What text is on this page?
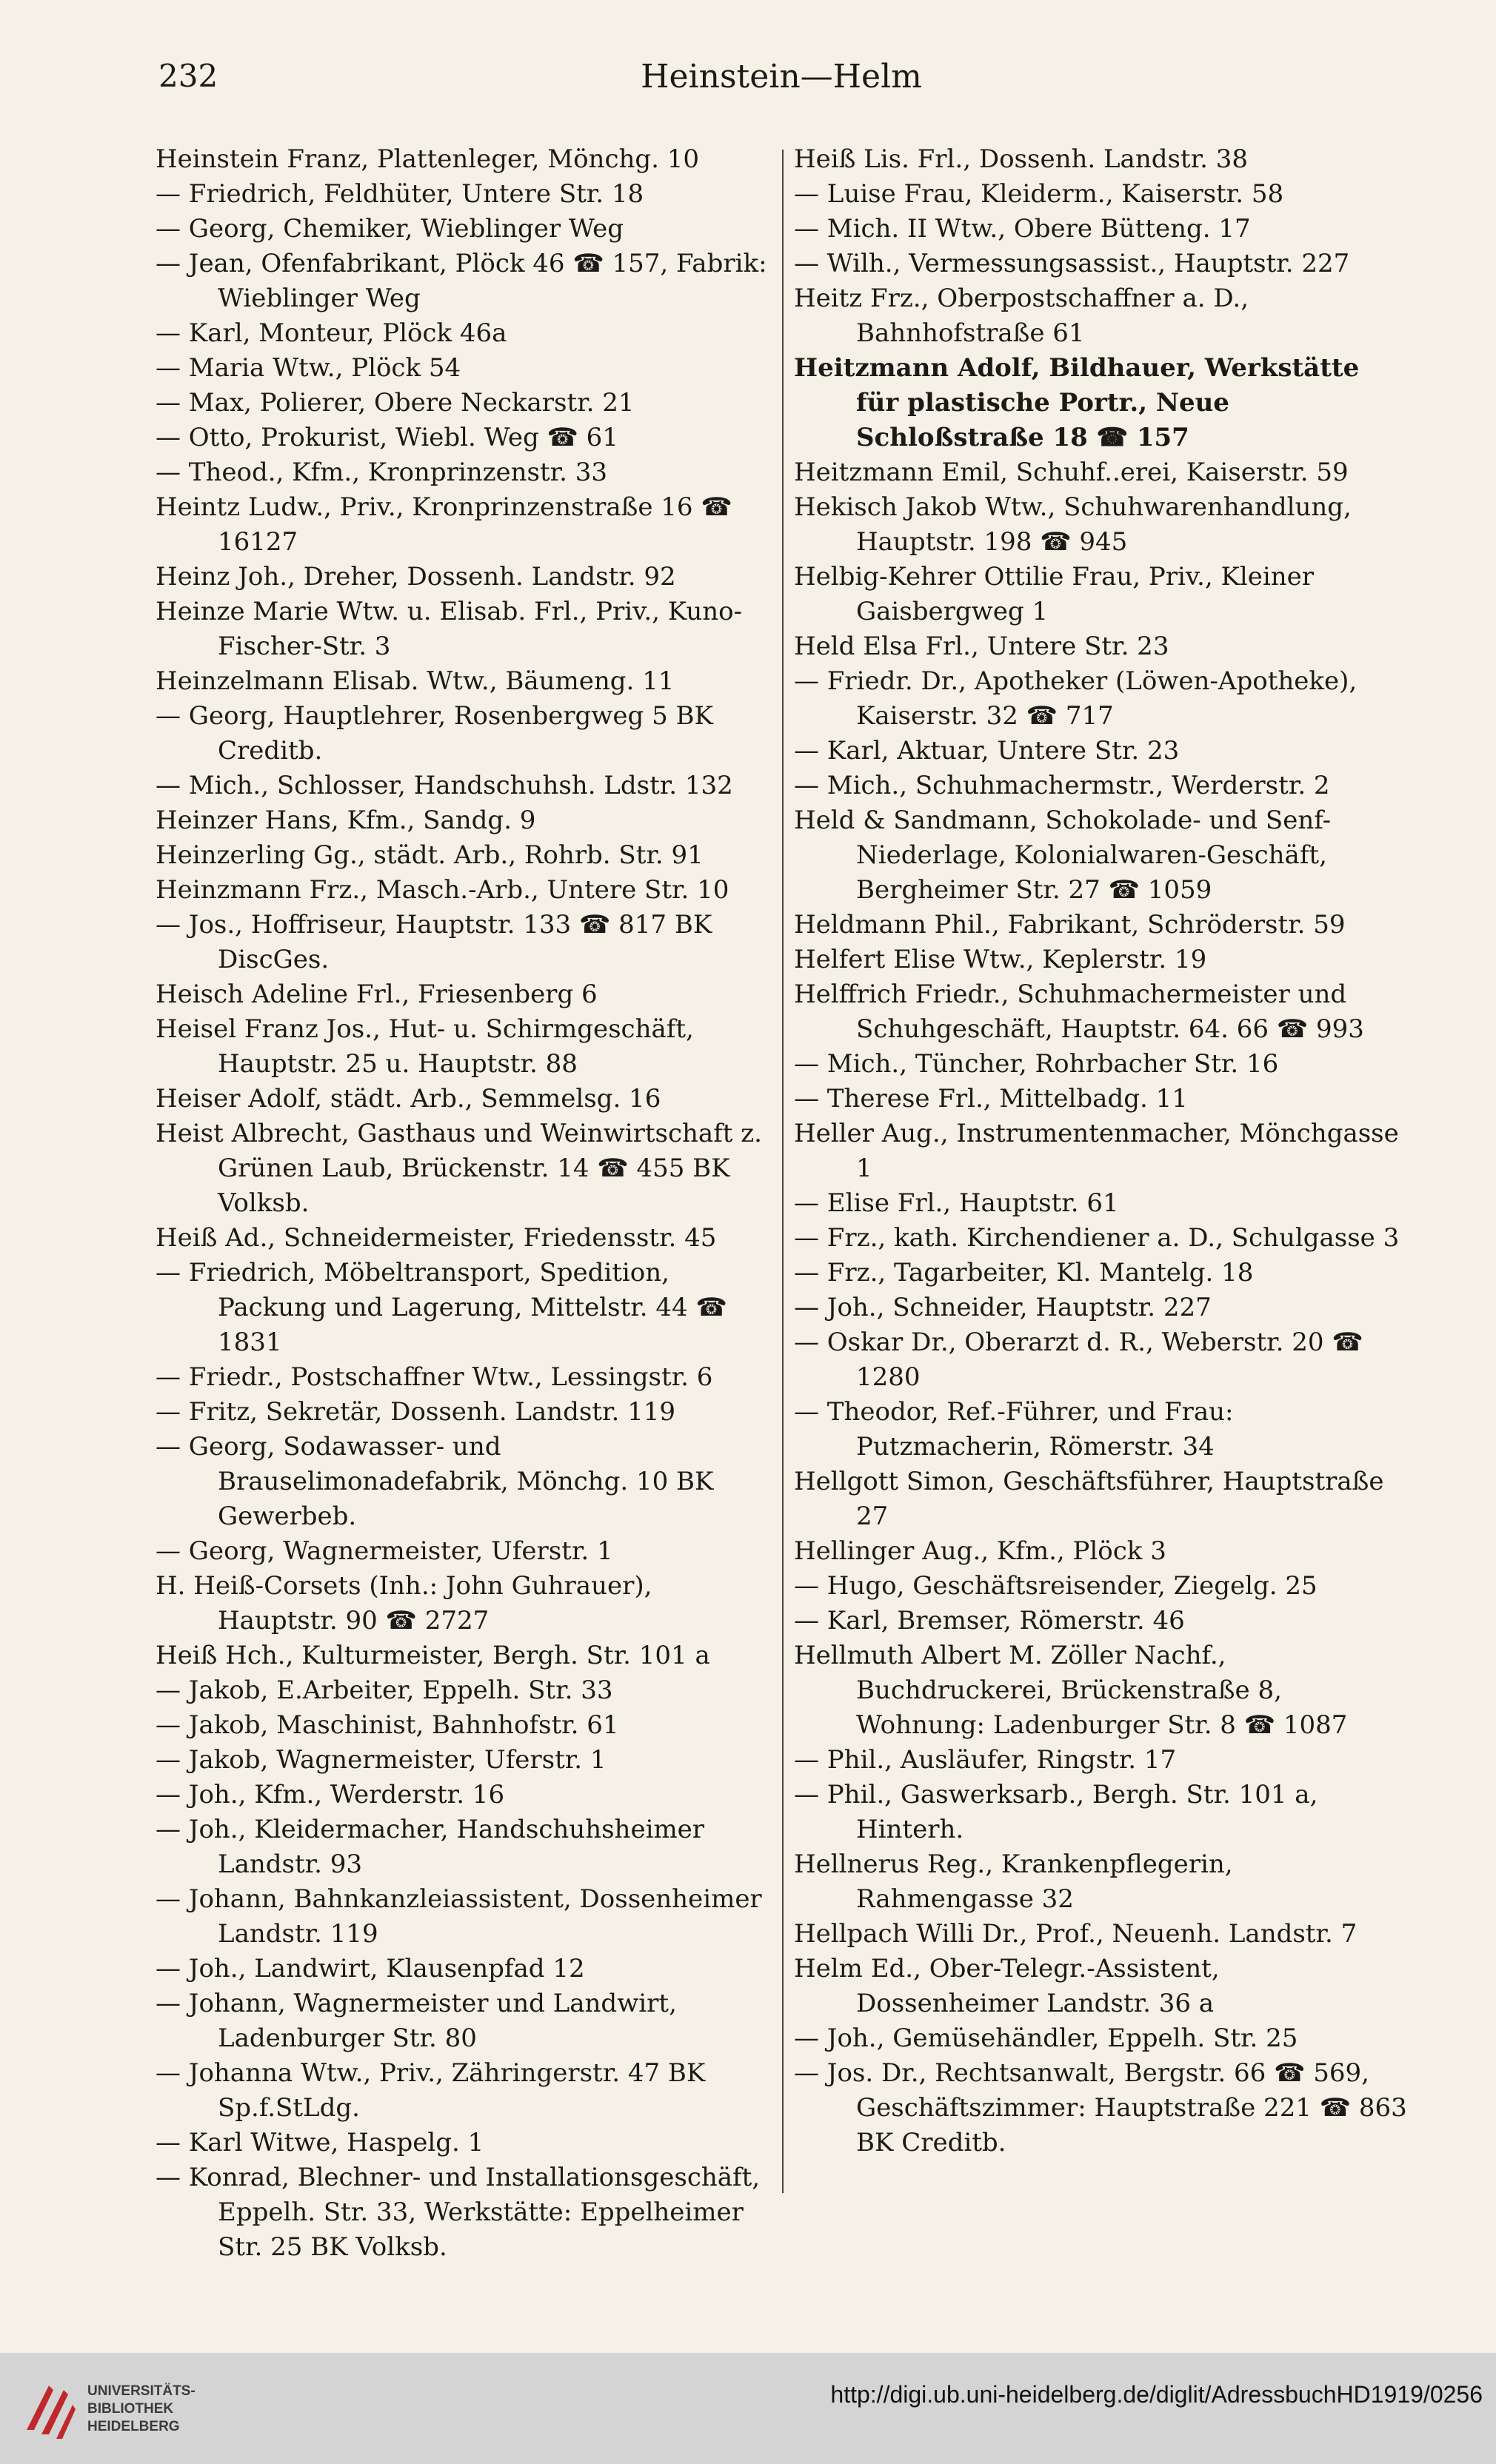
232	Heinstein—Helm

Heinstein Franz, Plattenleger, Mönchg. 10

— Friedrich, Feldhüter, Untere Str. 18

— Georg, Chemiker, Wieblinger Weg

— Jean, Ofenfabrikant, Plöck 46 ☎ 157, Fabrik: Wieblinger Weg

— Karl, Monteur, Plöck 46a

— Maria Wtw., Plöck 54

— Max, Polierer, Obere Neckarstr. 21

— Otto, Prokurist, Wiebl. Weg ☎ 61

— Theod., Kfm., Kronprinzenstr. 33

Heintz Ludw., Priv., Kronprinzenstraße 16 ☎ 16127

Heinz Joh., Dreher, Dossenh. Landstr. 92

Heinze Marie Wtw. u. Elisab. Frl., Priv., Kuno-Fischer-Str. 3

Heinzelmann Elisab. Wtw., Bäumeng. 11

— Georg, Hauptlehrer, Rosenbergweg 5 BK Creditb.

— Mich., Schlosser, Handschuhsh. Ldstr. 132

Heinzer Hans, Kfm., Sandg. 9

Heinzerling Gg., städt. Arb., Rohrb. Str. 91

Heinzmann Frz., Masch.-Arb., Untere Str. 10

— Jos., Hoffriseur, Hauptstr. 133 ☎ 817 BK DiscGes.

Heisch Adeline Frl., Friesenberg 6

Heisel Franz Jos., Hut- u. Schirmgeschäft, Hauptstr. 25 u. Hauptstr. 88

Heiser Adolf, städt. Arb., Semmelsg. 16

Heist Albrecht, Gasthaus und Weinwirtschaft z. Grünen Laub, Brückenstr. 14 ☎ 455 BK Volksb.

Heiß Ad., Schneidermeister, Friedensstr. 45

— Friedrich, Möbeltransport, Spedition, Packung und Lagerung, Mittelstr. 44 ☎ 1831

— Friedr., Postschaffner Wtw., Lessingstr. 6

— Fritz, Sekretär, Dossenh. Landstr. 119

— Georg, Sodawasser- und Brauselimonadefabrik, Mönchg. 10 BK Gewerbeb.

— Georg, Wagnermeister, Uferstr. 1

H. Heiß-Corsets (Inh.: John Guhrauer), Hauptstr. 90 ☎ 2727

Heiß Hch., Kulturmeister, Bergh. Str. 101 a

— Jakob, E.Arbeiter, Eppelh. Str. 33

— Jakob, Maschinist, Bahnhofstr. 61

— Jakob, Wagnermeister, Uferstr. 1

— Joh., Kfm., Werderstr. 16

— Joh., Kleidermacher, Handschuhsheimer Landstr. 93

— Johann, Bahnkanzleiassistent, Dossenheimer Landstr. 119

— Joh., Landwirt, Klausenpfad 12

— Johann, Wagnermeister und Landwirt, Ladenburger Str. 80

— Johanna Wtw., Priv., Zähringerstr. 47 BK Sp.f.StLdg.

— Karl Witwe, Haspelg. 1

— Konrad, Blechner- und Installationsgeschäft, Eppelh. Str. 33, Werkstätte: Eppelheimer Str. 25 BK Volksb.

Heiß Lis. Frl., Dossenh. Landstr. 38

— Luise Frau, Kleiderm., Kaiserstr. 58

— Mich. II Wtw., Obere Bütteng. 17

— Wilh., Vermessungsassist., Hauptstr. 227

Heitz Frz., Oberpostschaffner a. D., Bahnhofstraße 61

Heitzmann Adolf, Bildhauer, Werkstätte für plastische Portr., Neue Schloßstraße 18 ☎ 157

Heitzmann Emil, Schuhf..erei, Kaiserstr. 59

Hekisch Jakob Wtw., Schuhwarenhandlung, Hauptstr. 198 ☎ 945

Helbig-Kehrer Ottilie Frau, Priv., Kleiner Gaisbergweg 1

Held Elsa Frl., Untere Str. 23

— Friedr. Dr., Apotheker (Löwen-Apotheke), Kaiserstr. 32 ☎ 717

— Karl, Aktuar, Untere Str. 23

— Mich., Schuhmachermstr., Werderstr. 2

Held & Sandmann, Schokolade- und Senf-Niederlage, Kolonialwaren-Geschäft, Bergheimer Str. 27 ☎ 1059

Heldmann Phil., Fabrikant, Schröderstr. 59

Helfert Elise Wtw., Keplerstr. 19

Helffrich Friedr., Schuhmachermeister und Schuhgeschäft, Hauptstr. 64. 66 ☎ 993

— Mich., Tüncher, Rohrbacher Str. 16

— Therese Frl., Mittelbadg. 11

Heller Aug., Instrumentenmacher, Mönchgasse 1

— Elise Frl., Hauptstr. 61

— Frz., kath. Kirchendiener a. D., Schulgasse 3

— Frz., Tagarbeiter, Kl. Mantelg. 18

— Joh., Schneider, Hauptstr. 227

— Oskar Dr., Oberarzt d. R., Weberstr. 20 ☎ 1280

— Theodor, Ref.-Führer, und Frau: Putzmacherin, Römerstr. 34

Hellgott Simon, Geschäftsführer, Hauptstraße 27

Hellinger Aug., Kfm., Plöck 3

— Hugo, Geschäftsreisender, Ziegelg. 25

— Karl, Bremser, Römerstr. 46

Hellmuth Albert M. Zöller Nachf., Buchdruckerei, Brückenstraße 8, Wohnung: Ladenburger Str. 8 ☎ 1087

— Phil., Ausläufer, Ringstr. 17

— Phil., Gaswerksarb., Bergh. Str. 101 a, Hinterh.

Hellnerus Reg., Krankenpflegerin, Rahmengasse 32

Hellpach Willi Dr., Prof., Neuenh. Landstr. 7

Helm Ed., Ober-Telegr.-Assistent, Dossenheimer Landstr. 36 a

— Joh., Gemüsehändler, Eppelh. Str. 25

— Jos. Dr., Rechtsanwalt, Bergstr. 66 ☎ 569, Geschäftszimmer: Hauptstraße 221 ☎ 863 BK Creditb.

UNIVERSITÄTS-
BIBLIOTHEK
HEIDELBERG
http://digi.ub.uni-heidelberg.de/diglit/AdressbuchHD1919/0256
